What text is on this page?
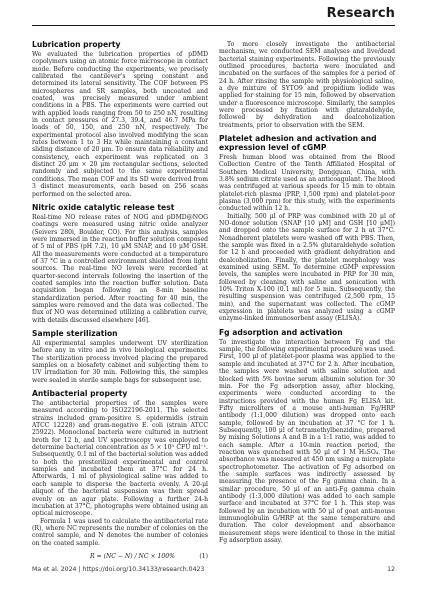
Research
Lubrication property

We evaluated the lubrication properties of pDMD copolymers using an atomic force microscope in contact mode. Before conducting the experiments, we precisely calibrated the cantilever's spring constant and determined its lateral sensitivity. The COF between PS microspheres and SR samples, both uncoated and coated, was precisely measured under ambient conditions in a PBS. The experiments were carried out with applied loads ranging from 50 to 250 nN, resulting in contact pressures of 27.3, 39.4, and 46.7 MPa for loads of 50, 150, and 250 nN, respectively. The experimental protocol also involved modifying the scan rates between 1 to 3 Hz while maintaining a constant sliding distance of 20 μm. To ensure data reliability and consistency, each experiment was replicated on 3 distinct 20 μm × 20 μm rectangular sections, selected randomly and subjected to the same experimental conditions. The mean COF and its SD were derived from 3 distinct measurements, each based on 256 scans performed on the selected area.

Nitric oxide catalytic release test

Real-time NO release rates of NOG and pDMD@NOG coatings were measured using nitric oxide analyzer (Seivers 280i, Boulder, CO). For this analysis, samples were immersed in the reaction buffer solution composed of 5 ml of PBS (pH 7.2), 10 μM SNAP, and 10 μM GSH. All the measurements were conducted at a temperature of 37 °C in a controlled environment shielded from light sources. The real-time NO levels were recorded at quarter-second intervals following the insertion of the coated samples into the reaction buffer solution. Data acquisition began following an 8-min baseline standardization period. After reacting for 40 min, the samples were removed and the data was collected. The flux of NO was determined utilizing a calibration curve, with details discussed elsewhere [46].

Sample sterilization

All experimental samples underwent UV sterilization before any in vitro and in vivo biological experiments. The sterilization process involved placing the prepared samples on a biosafety cabinet and subjecting them to UV irradiation for 30 min. Following this, the samples were sealed in sterile sample bags for subsequent use.

Antibacterial property

The antibacterial properties of the samples were measured according to ISO22196-2011. The selected strains included gram-positive S. epidermidis (strain ATCC 12228) and gram-negative E. coli (strain ATCC 25922). Monoclonal bacteria were cultured in nutrient broth for 12 h, and UV spectroscopy was employed to determine bacterial concentration as 5 × 10⁵ CFU ml⁻¹. Subsequently, 0.1 ml of the bacterial solution was added to both the presterilized experimental and control samples and incubated them at 37°C for 24 h. Afterwards, 1 ml of physiological saline was added to each sample to disperse the bacteria evenly. A 20-μl aliquot of the bacterial suspension was then spread evenly on an agar plate. Following a further 24-h incubation at 37°C, photographs were obtained using an optical microscope.

Formula 1 was used to calculate the antibacterial rate (R), where NC represents the number of colonies on the control sample, and N denotes the number of colonies on the coated sample.

R = (NC − N) / NC × 100%	(1)

To more closely investigate the antibacterial mechanism, we conducted SEM analyses and live/dead bacterial staining experiments. Following the previously outlined procedures, bacteria were inoculated and incubated on the surfaces of the samples for a period of 24 h. After rinsing the sample with physiological saline, a dye mixture of SYTO9 and propidium iodide was applied for staining for 15 min, followed by observation under a fluorescence microscope. Similarly, the samples were processed by fixation with glutaraldehyde, followed by dehydration and dealcoholization treatments, prior to observation with the SEM.

Platelet adhesion and activation and expression level of cGMP

Fresh human blood was obtained from the Blood Collection Centre of the Tenth Affiliated Hospital of Southern Medical University, Dongguan, China, with 3.8% sodium citrate used as an anticoagulant. The blood was centrifuged at various speeds for 15 min to obtain platelet-rich plasma (PRP, 1,500 rpm) and platelet-poor plasma (3,000 rpm) for this study, with the experiments conducted within 12 h.

Initially, 500 μl of PRP was combined with 20 μl of NO-donor solution (SNAP [10 μM] and GSH [10 μM]) and dropped onto the sample surface for 2 h at 37°C. Nonadherent platelets were washed off with PBS. Then, the sample was fixed in a 2.5% glutaraldehyde solution for 12 h and proceeded with gradient dehydration and dealcoholization. Finally, the platelet morphology was examined using SEM. To determine cGMP expression levels, the samples were incubated in PRP for 30 min, followed by cleaning with saline and sonication with 10% Triton X-100 (0.1 ml) for 5 min. Subsequently, the resulting suspension was centrifuged (2,500 rpm, 15 min), and the supernatant was collected. The cGMP expression in platelets was analyzed using a cGMP enzyme-linked immunosorbent assay (ELISA).

Fg adsorption and activation

To investigate the interaction between Fg and the sample, the following experimental procedure was used. First, 100 μl of platelet-poor plasma was applied to the sample and incubated at 37°C for 2 h. After incubation, the samples were washed with saline solution and blocked with 5% bovine serum albumin solution for 30 min. For the Fg adsorption assay, after blocking, experiments were conducted according to the instructions provided with the human Fg ELISA kit. Fifty microliters of a mouse anti-human Fg/HRP antibody (1:1,000 dilution) was dropped onto each sample, followed by an incubation at 37 °C for 1 h. Subsequently, 100 μl of tetramethylbenzidine, prepared by mixing Solutions A and B in a 1:1 ratio, was added to each sample. After a 10-min reaction period, the reaction was quenched with 50 μl of 1 M H₂SO₄. The absorbance was measured at 450 nm using a microplate spectrophotometer. The activation of Fg adsorbed on the sample surfaces was indirectly assessed by measuring the presence of the Fg gamma chain. In a similar procedure, 50 μl of an anti-Fg gamma chain antibody (1:3,000 dilution) was added to each sample surface and incubated at 37°C for 1 h. This step was followed by an incubation with 50 μl of goat anti-mouse immunoglobulin G/HRP at the same temperature and duration. The color development and absorbance measurement steps were identical to those in the initial Fg adsorption assay.

Ma et al. 2024 | https://doi.org/10.34133/research.0423	12
